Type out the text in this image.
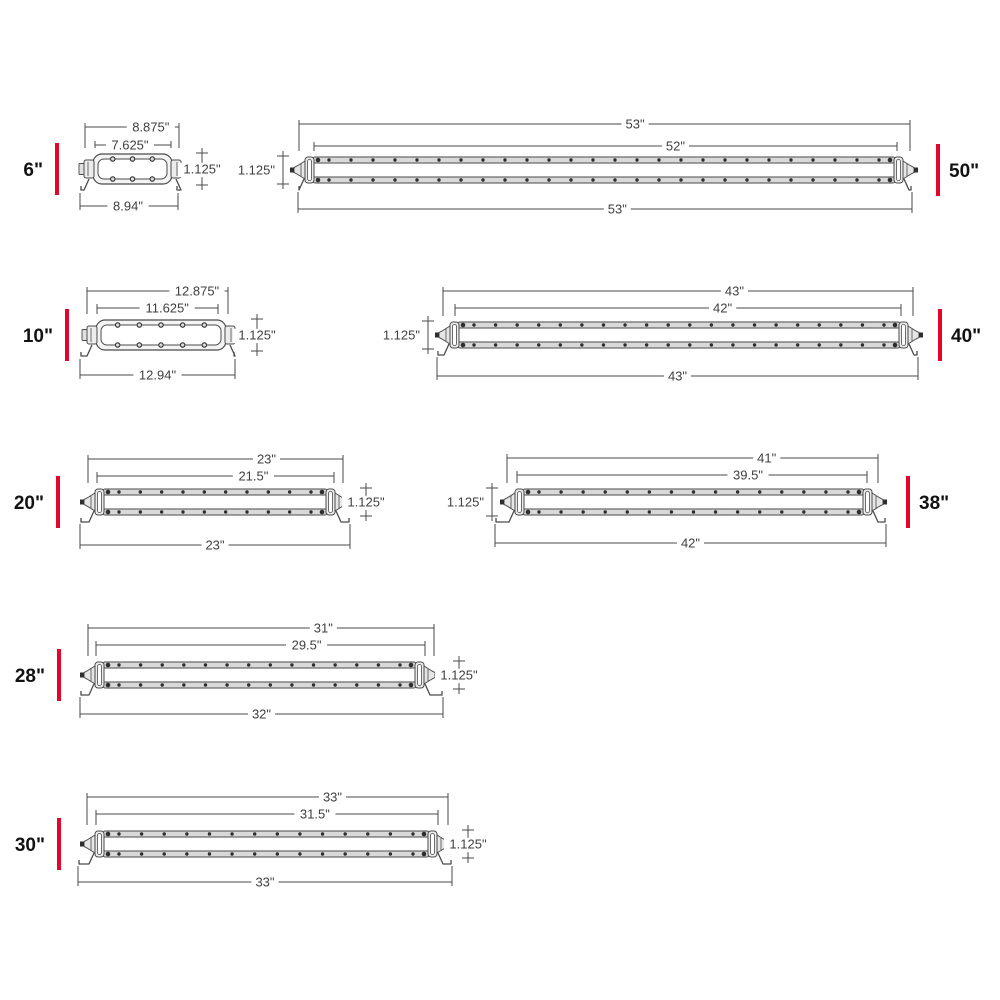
6"
8.875"
7.625"
8.94"
1.125"	50"
53"
52"
53"
1.125"
10"
12.875"
11.625"
12.94"
1.125"	40"
43"
42"
43"
1.125"
20"
23"
21.5"
23"
1.125"	38"
41"
39.5"
42"
1.125"
28"
31"
29.5"
32"
1.125"
30"
33"
31.5"
33"
1.125"
